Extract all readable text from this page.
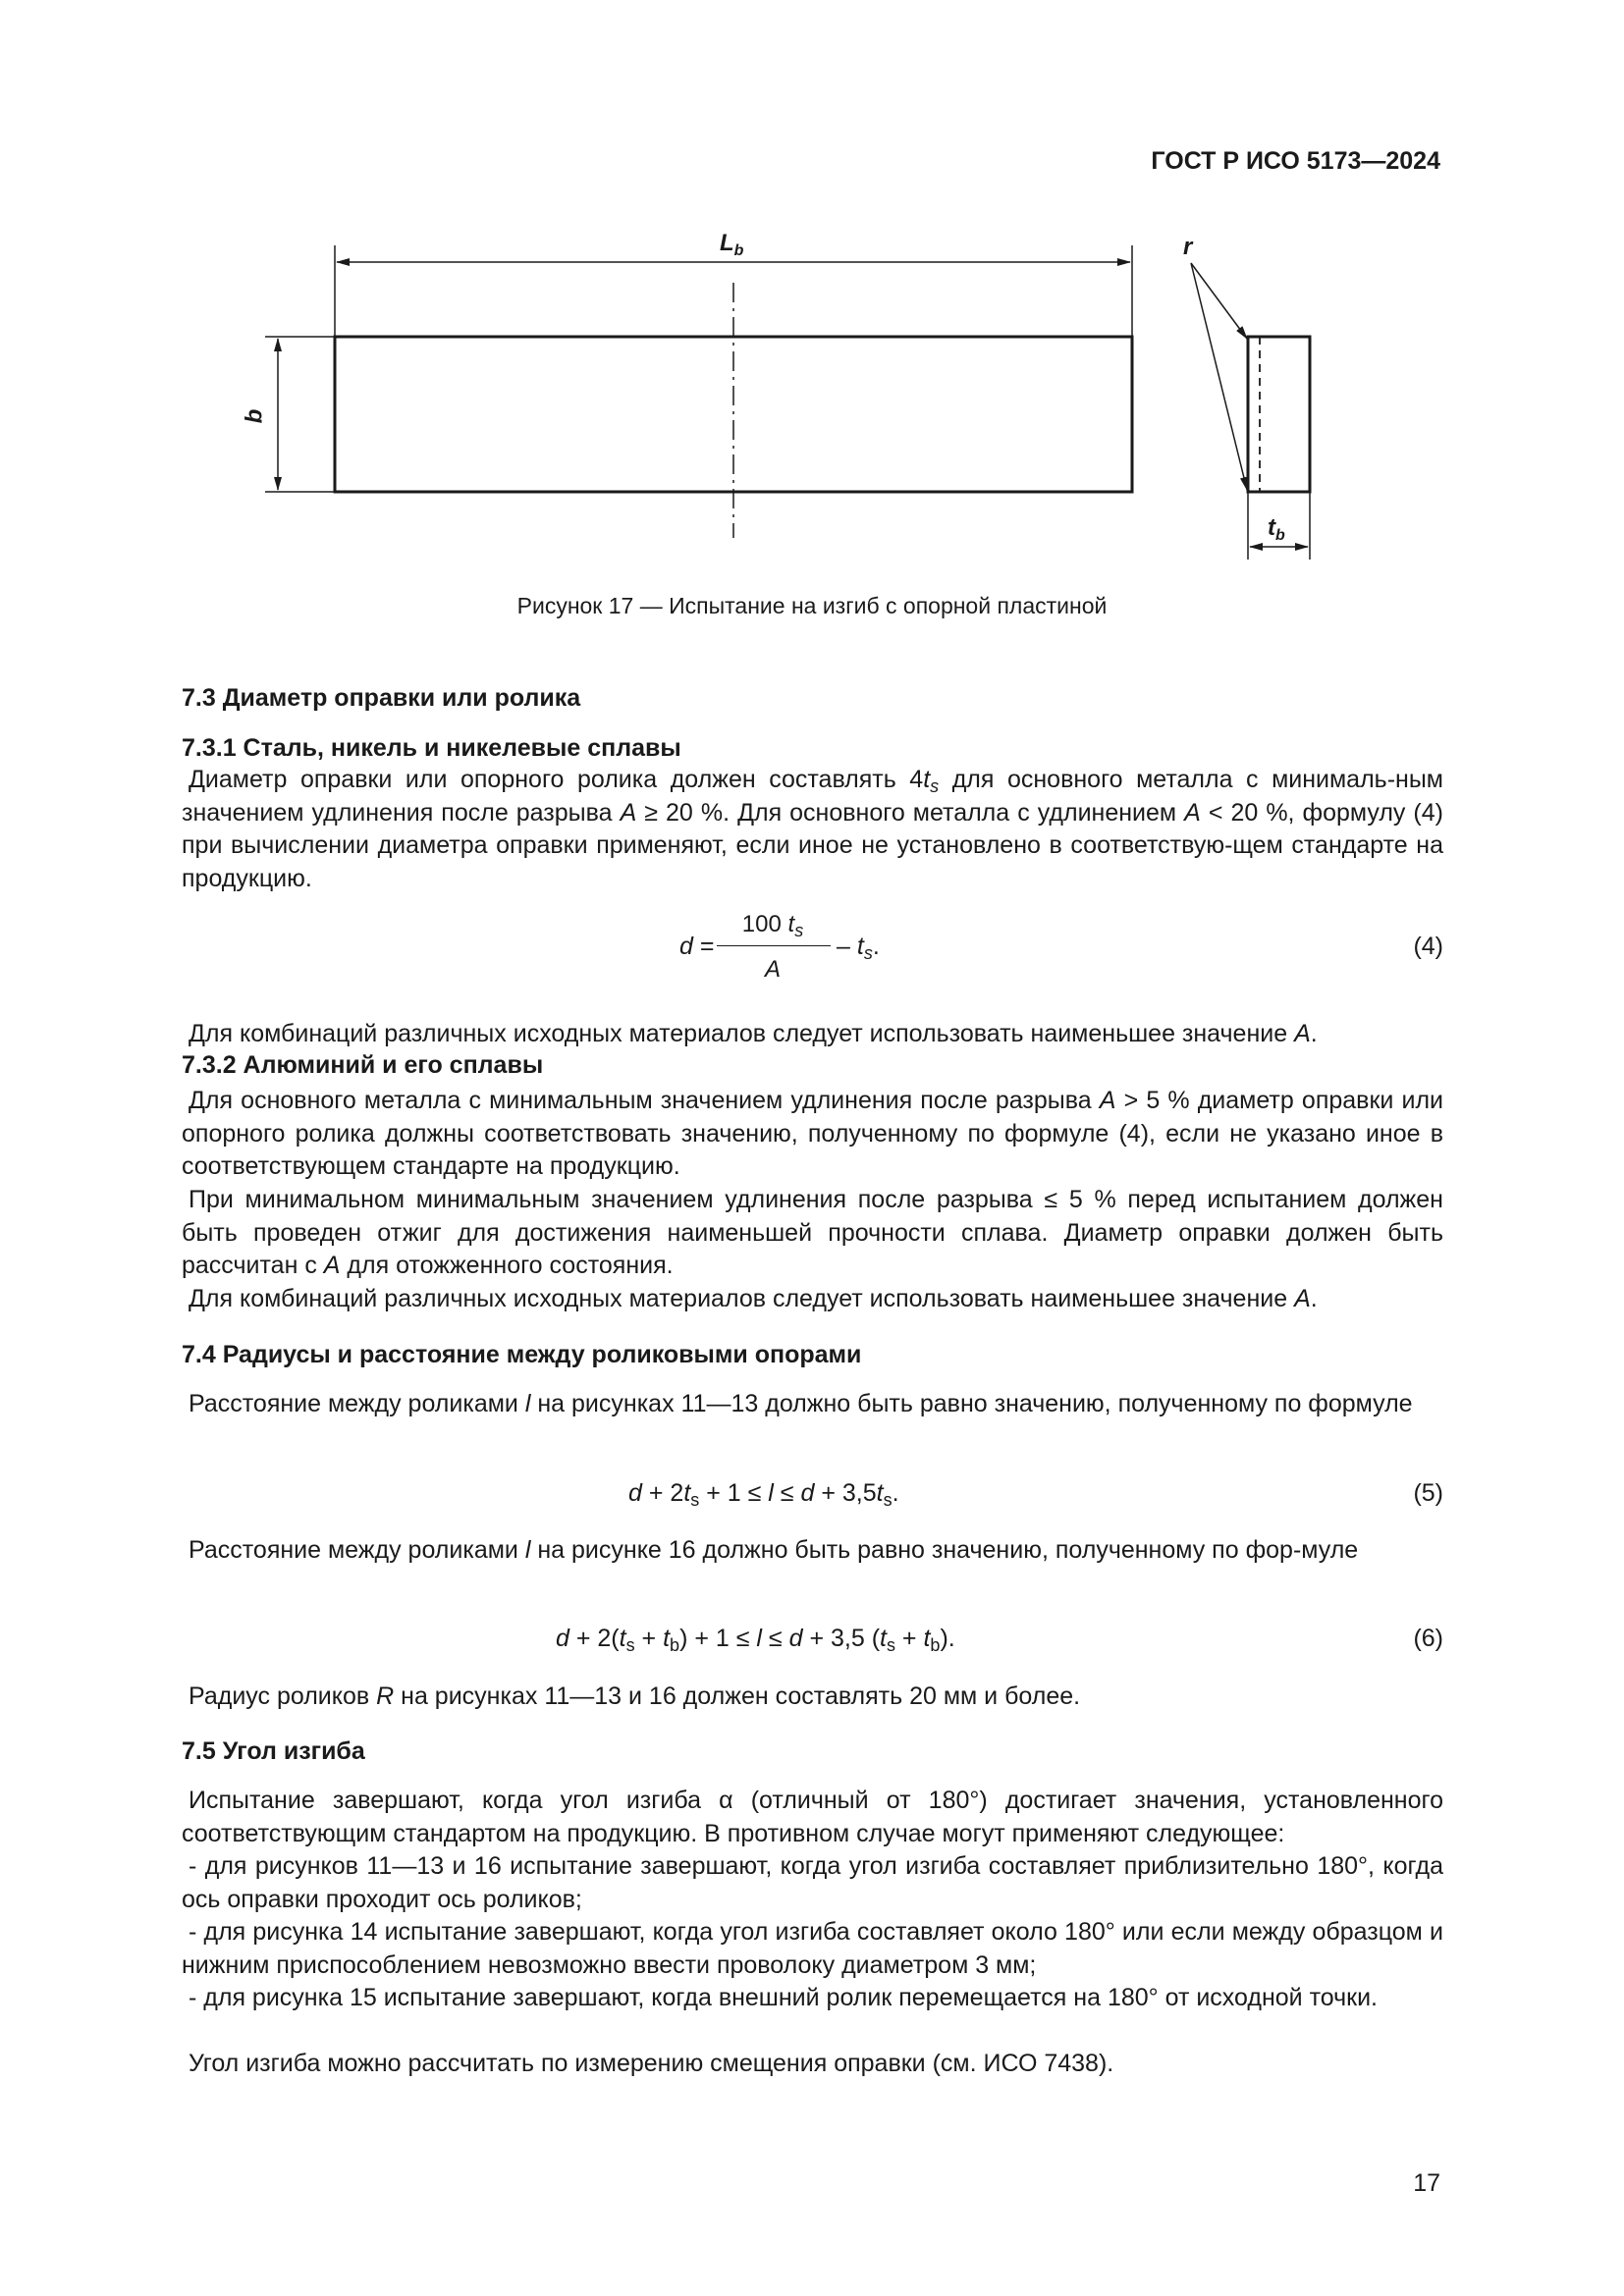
ГОСТ Р ИСО 5173—2024
$L_b$
b
r
$t_b$
Рисунок 17 — Испытание на изгиб с опорной пластиной
7.3 Диаметр оправки или ролика
7.3.1 Сталь, никель и никелевые сплавы
Диаметр оправки или опорного ролика должен составлять $4t_s$ для основного металла с минималь-ным значением удлинения после разрыва A ≥ 20 %. Для основного металла с удлинением A < 20 %, формулу (4) при вычислении диаметра оправки применяют, если иное не установлено в соответствую-щем стандарте на продукцию.
d =
100 $t_s$
A
– $t_s$.	(4)
Для комбинаций различных исходных материалов следует использовать наименьшее значение A.
7.3.2 Алюминий и его сплавы
Для основного металла с минимальным значением удлинения после разрыва A > 5 % диаметр оправки или опорного ролика должны соответствовать значению, полученному по формуле (4), если не указано иное в соответствующем стандарте на продукцию.
При минимальном минимальным значением удлинения после разрыва ≤ 5 % перед испытанием должен быть проведен отжиг для достижения наименьшей прочности сплава. Диаметр оправки должен быть рассчитан с A для отожженного состояния.
Для комбинаций различных исходных материалов следует использовать наименьшее значение A.
7.4 Радиусы и расстояние между роликовыми опорами
Расстояние между роликами l на рисунках 11—13 должно быть равно значению, полученному по формуле
$d + 2t_s + 1 \le l \le d + 3,5t_s$.	(5)
Расстояние между роликами l на рисунке 16 должно быть равно значению, полученному по фор-муле
$d + 2(t_s + t_b) + 1 \le l \le d + 3,5$ $(t_s + t_b)$.	(6)
Радиус роликов R на рисунках 11—13 и 16 должен составлять 20 мм и более.
7.5 Угол изгиба
Испытание завершают, когда угол изгиба α (отличный от 180°) достигает значения, установленного соответствующим стандартом на продукцию. В противном случае могут применяют следующее:
- для рисунков 11—13 и 16 испытание завершают, когда угол изгиба составляет приблизительно 180°, когда ось оправки проходит ось роликов;
- для рисунка 14 испытание завершают, когда угол изгиба составляет около 180° или если между образцом и нижним приспособлением невозможно ввести проволоку диаметром 3 мм;
- для рисунка 15 испытание завершают, когда внешний ролик перемещается на 180° от исходной точки.
Угол изгиба можно рассчитать по измерению смещения оправки (см. ИСО 7438).
17
